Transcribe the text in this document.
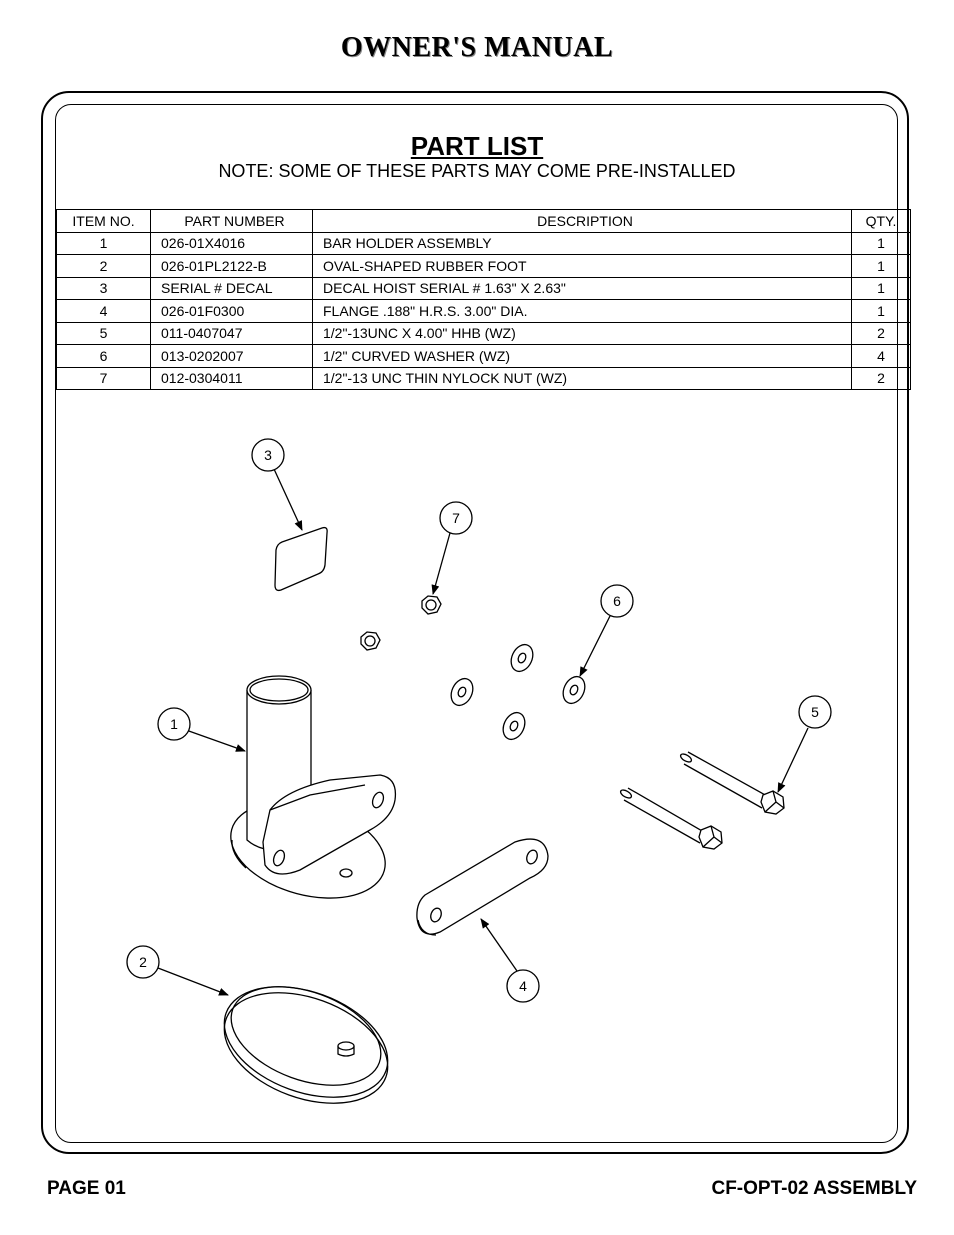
OWNER'S MANUAL
PART LIST
NOTE: SOME OF THESE PARTS MAY COME PRE-INSTALLED
ITEM NO.	PART NUMBER	DESCRIPTION	QTY.
1	026-01X4016	BAR HOLDER ASSEMBLY	1
2	026-01PL2122-B	OVAL-SHAPED RUBBER FOOT	1
3	SERIAL # DECAL	DECAL HOIST SERIAL # 1.63" X 2.63"	1
4	026-01F0300	FLANGE .188" H.R.S. 3.00" DIA.	1
5	011-0407047	1/2"-13UNC X 4.00" HHB (WZ)	2
6	013-0202007	1/2" CURVED WASHER (WZ)	4
7	012-0304011	1/2"-13 UNC THIN NYLOCK NUT (WZ)	2
3
7
6
1
5
2
4
PAGE 01	CF-OPT-02 ASSEMBLY
